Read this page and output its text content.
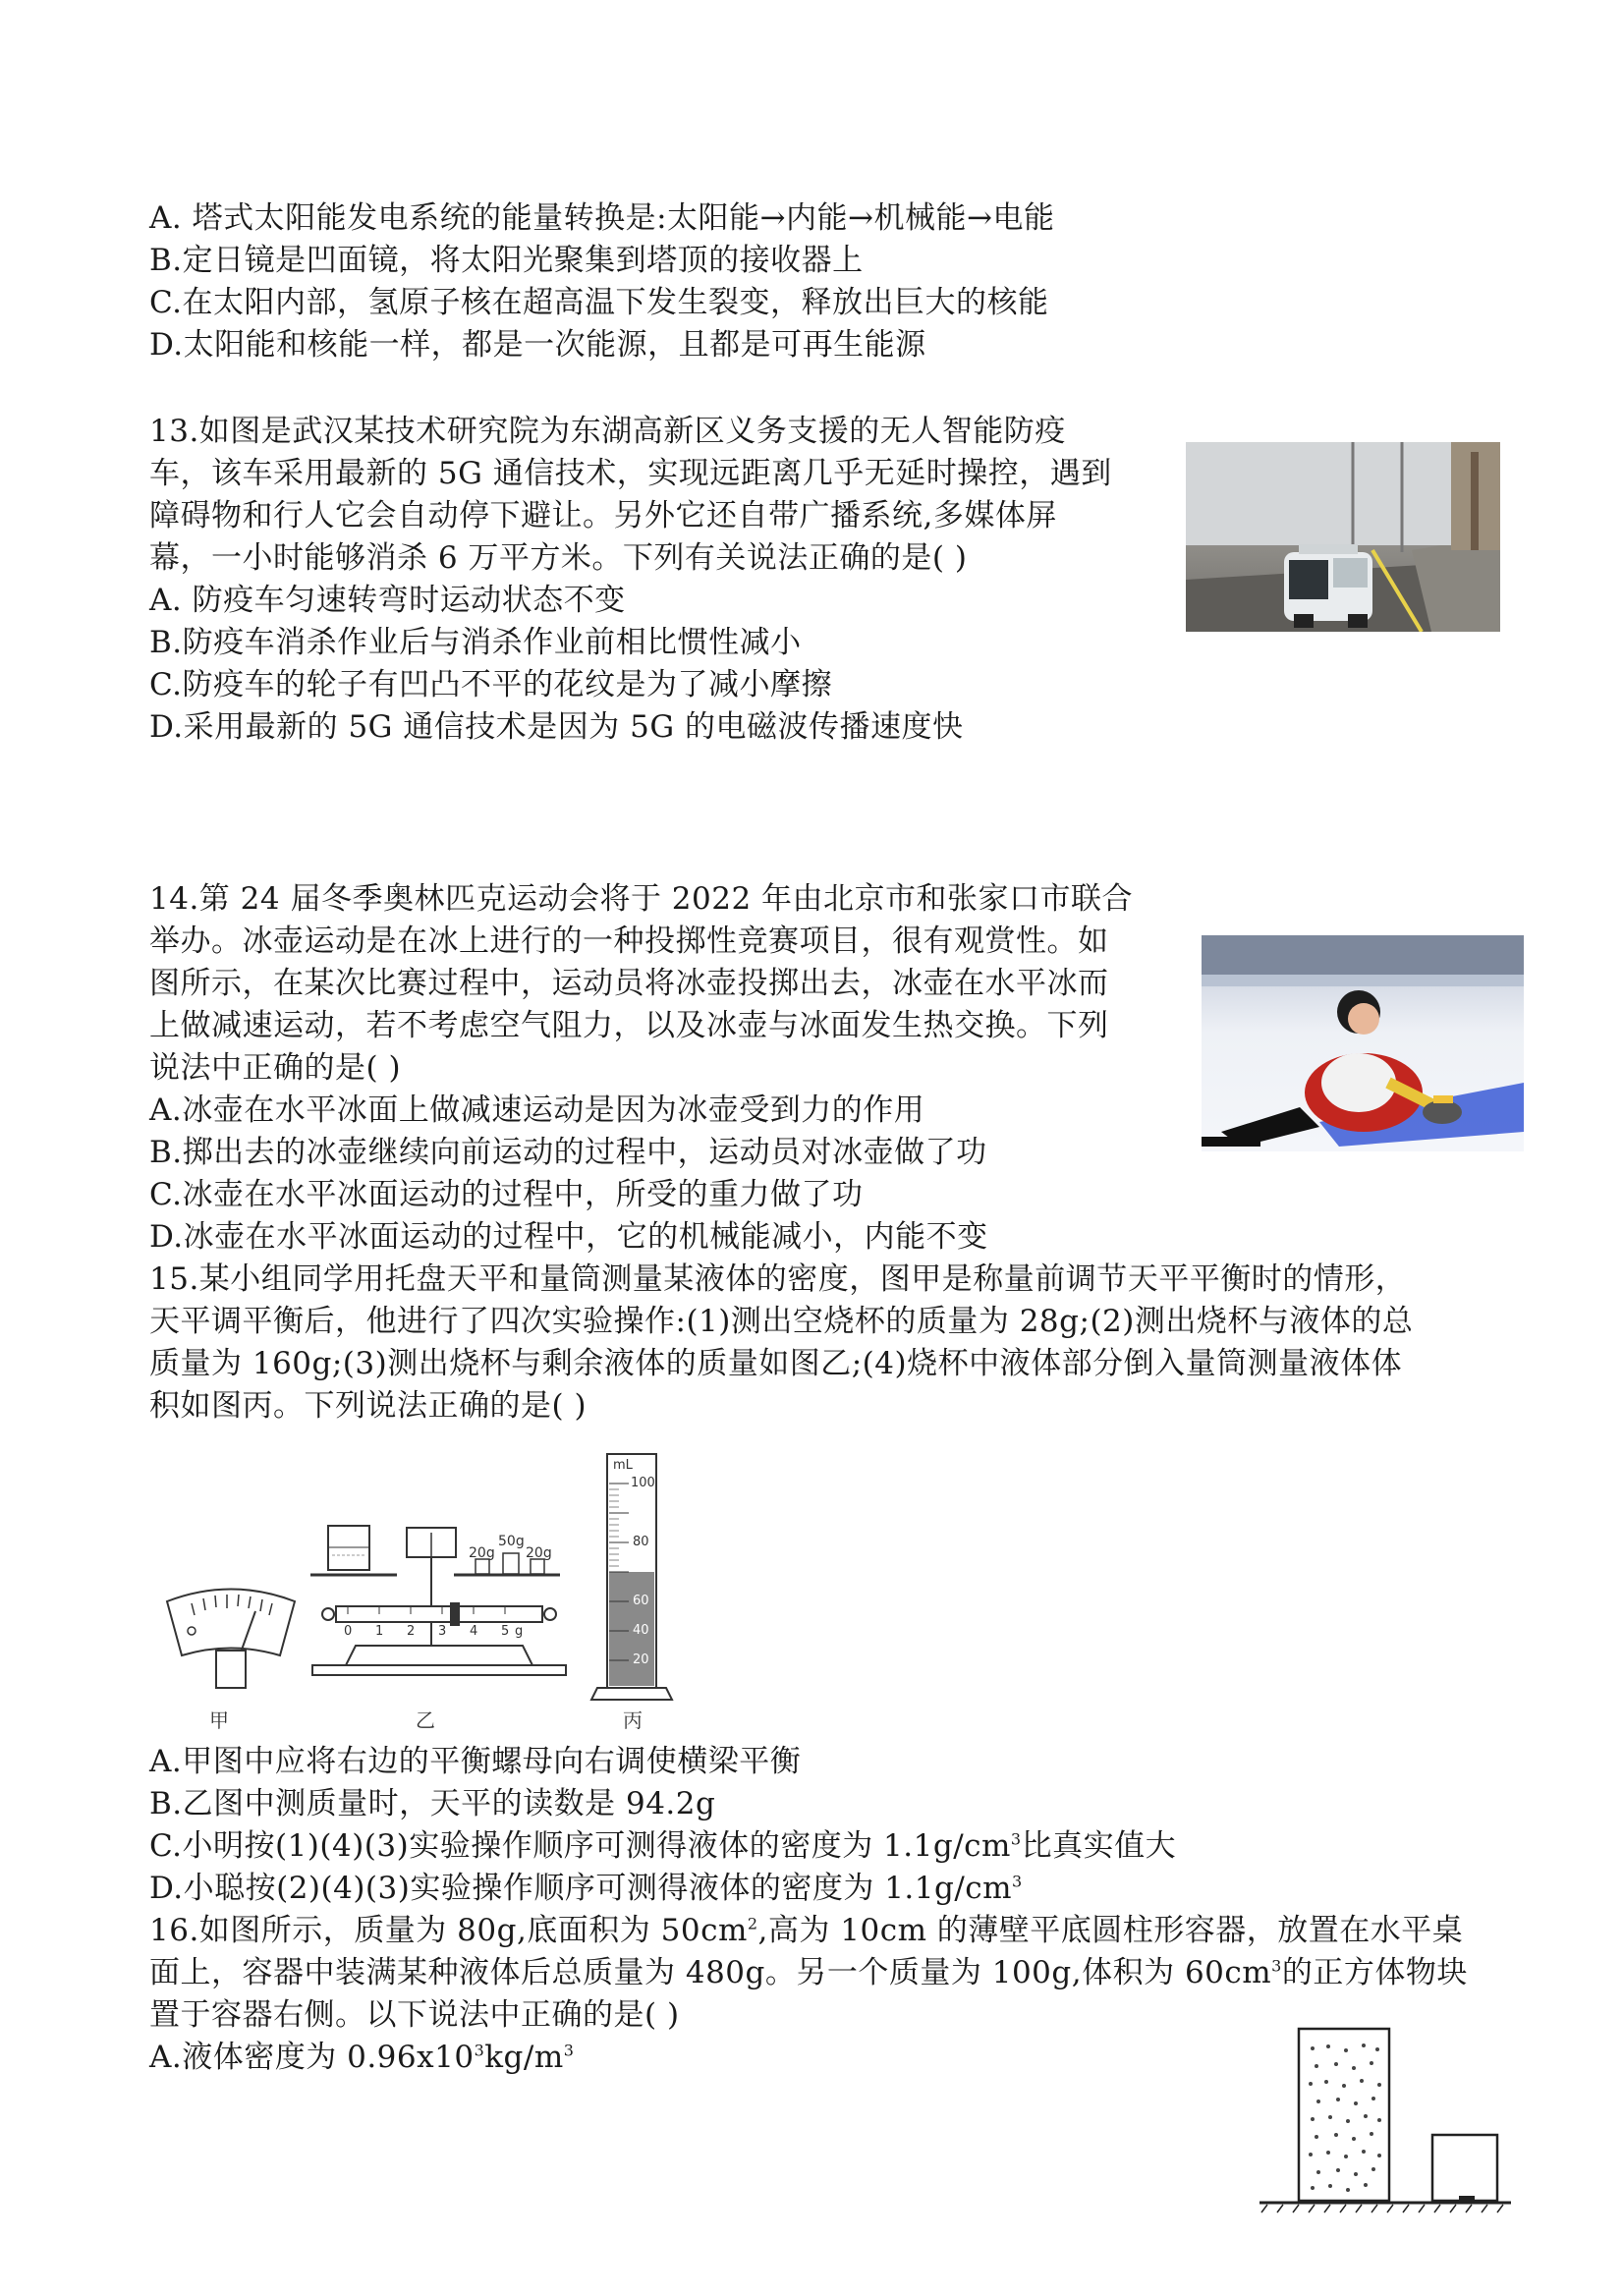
A. 塔式太阳能发电系统的能量转换是:太阳能→内能→机械能→电能
B.定日镜是凹面镜，将太阳光聚集到塔顶的接收器上
C.在太阳内部，氢原子核在超高温下发生裂变，释放出巨大的核能
D.太阳能和核能一样，都是一次能源，且都是可再生能源
13.如图是武汉某技术研究院为东湖高新区义务支援的无人智能防疫
车，该车采用最新的 5G 通信技术，实现远距离几乎无延时操控，遇到
障碍物和行人它会自动停下避让。另外它还自带广播系统,多媒体屏
幕，一小时能够消杀 6 万平方米。下列有关说法正确的是( )
A. 防疫车匀速转弯时运动状态不变
B.防疫车消杀作业后与消杀作业前相比惯性减小
C.防疫车的轮子有凹凸不平的花纹是为了减小摩擦
D.采用最新的 5G 通信技术是因为 5G 的电磁波传播速度快
14.第 24 届冬季奥林匹克运动会将于 2022 年由北京市和张家口市联合
举办。冰壶运动是在冰上进行的一种投掷性竞赛项目，很有观赏性。如
图所示，在某次比赛过程中，运动员将冰壶投掷出去，冰壶在水平冰而
上做减速运动，若不考虑空气阻力，以及冰壶与冰面发生热交换。下列
说法中正确的是( )
A.冰壶在水平冰面上做减速运动是因为冰壶受到力的作用
B.掷出去的冰壶继续向前运动的过程中，运动员对冰壶做了功
C.冰壶在水平冰面运动的过程中，所受的重力做了功
D.冰壶在水平冰面运动的过程中，它的机械能减小，内能不变
15.某小组同学用托盘天平和量筒测量某液体的密度，图甲是称量前调节天平平衡时的情形，
天平调平衡后，他进行了四次实验操作:(1)测出空烧杯的质量为 28g;(2)测出烧杯与液体的总
质量为 160g;(3)测出烧杯与剩余液体的质量如图乙;(4)烧杯中液体部分倒入量筒测量液体体
积如图丙。下列说法正确的是( )
甲
20g
50g
20g
0 1 2 3 4 5 g
乙
mL
100
80
60
40
20
丙
A.甲图中应将右边的平衡螺母向右调使横梁平衡
B.乙图中测质量时，天平的读数是 94.2g
C.小明按(1)(4)(3)实验操作顺序可测得液体的密度为 $1.1g/cm^3$比真实值大
D.小聪按(2)(4)(3)实验操作顺序可测得液体的密度为 $1.1g/cm^3$
16.如图所示，质量为 80g,底面积为 $50cm^2$,高为 10cm 的薄壁平底圆柱形容器，放置在水平桌
面上，容器中装满某种液体后总质量为 480g。另一个质量为 100g,体积为 $60cm^3$的正方体物块
置于容器右侧。以下说法中正确的是( )
A.液体密度为 $0.96x10^3kg/m^3$
